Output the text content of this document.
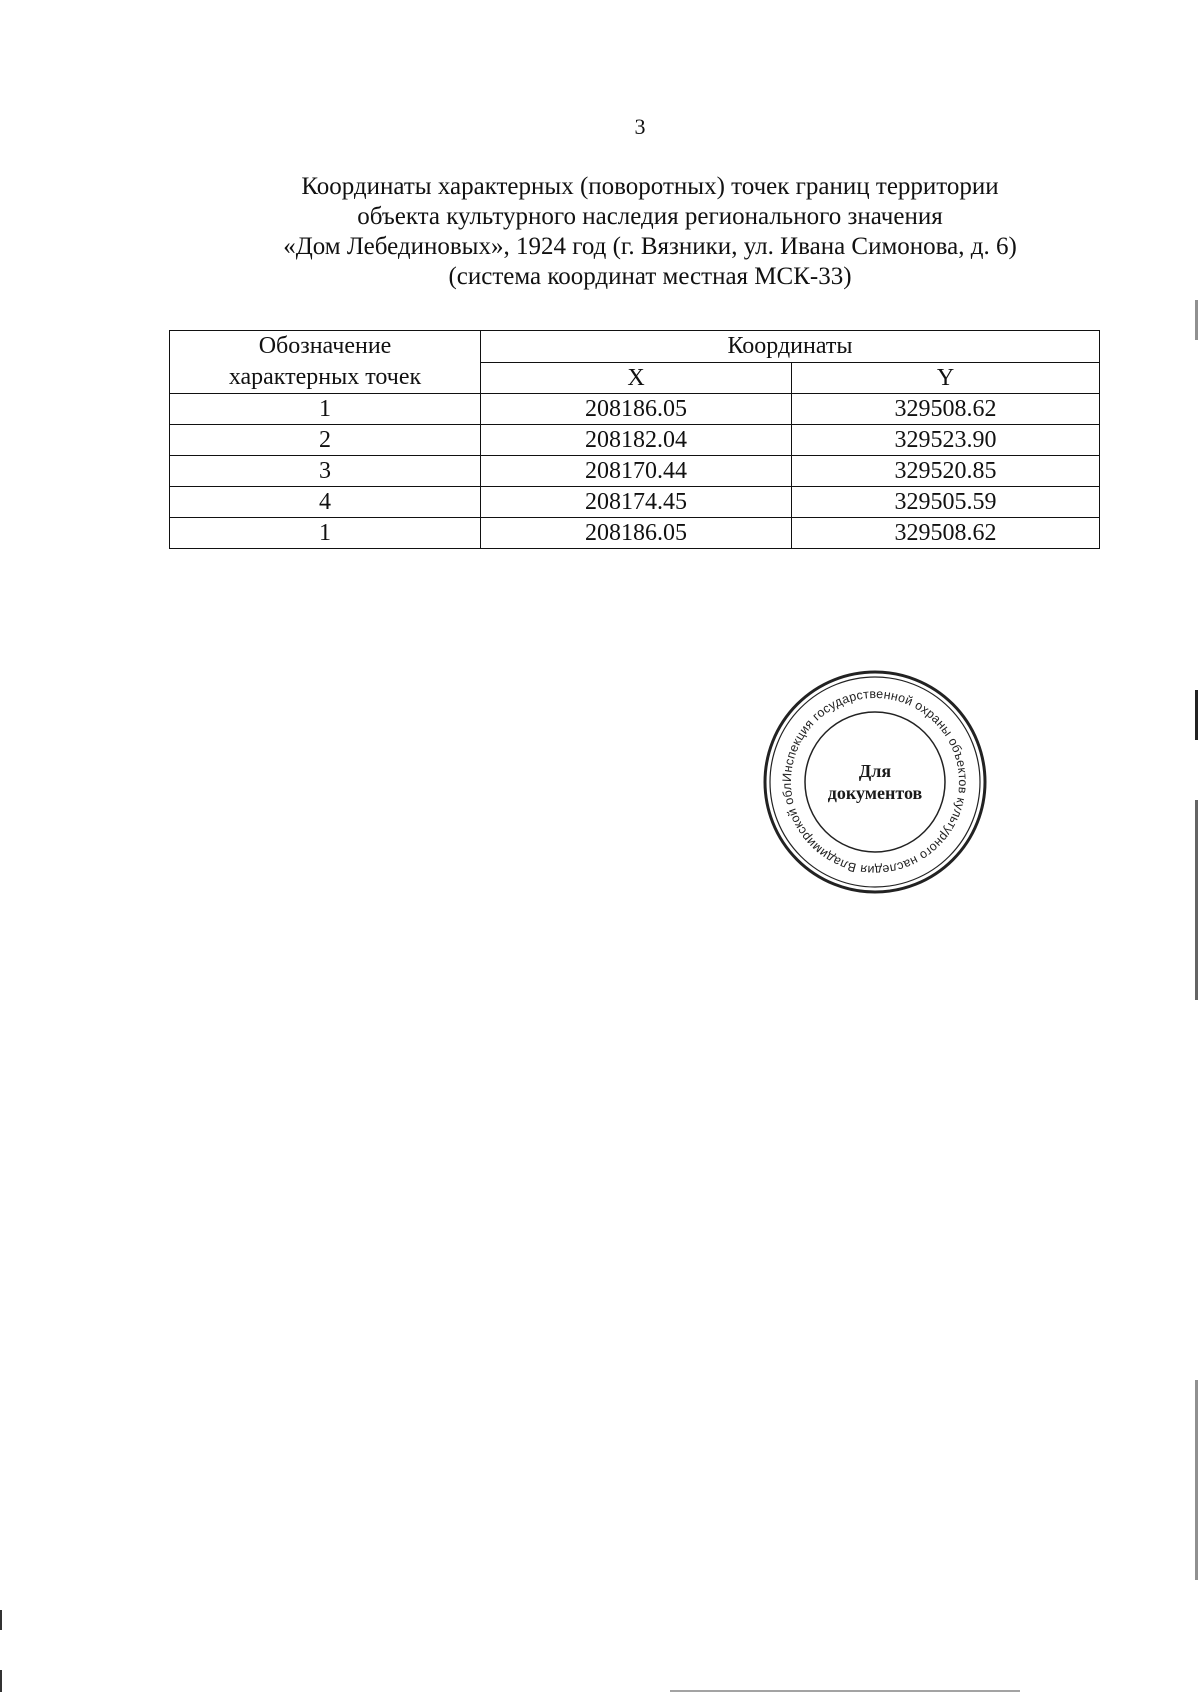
3
Координаты характерных (поворотных) точек границ территории
объекта культурного наследия регионального значения
«Дом Лебединовых», 1924 год (г. Вязники, ул. Ивана Симонова, д. 6)
(система координат местная МСК-33)
Обозначение
характерных точек	Координаты	
	X	Y
1	208186.05	329508.62
2	208182.04	329523.90
3	208170.44	329520.85
4	208174.45	329505.59
1	208186.05	329508.62
Инспекция государственной охраны объектов культурного наследия Владимирской обл
Для
документов
